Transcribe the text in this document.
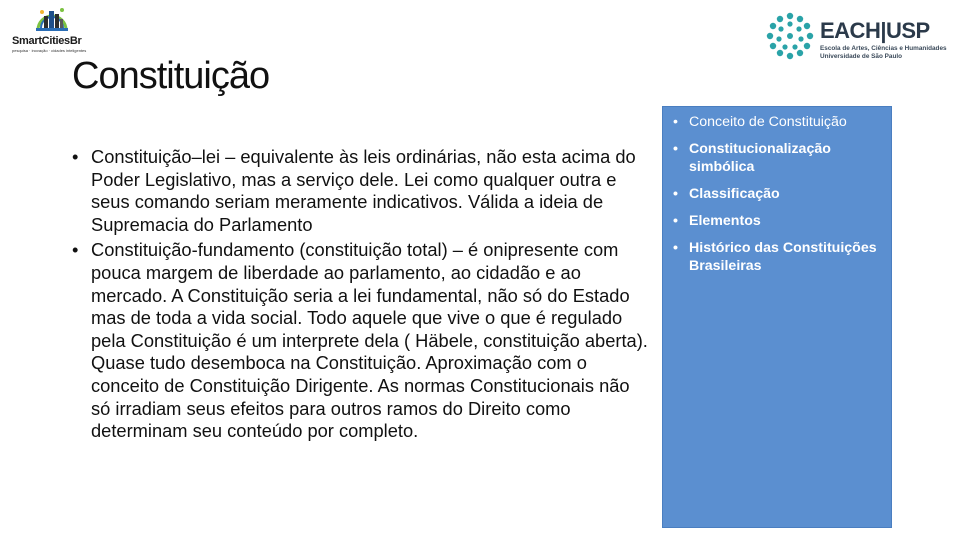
SmartCitiesBr
pesquisa · inovação · cidades inteligentes
EACH|USP
Escola de Artes, Ciências e Humanidades
Universidade de São Paulo
Constituição
• Constituição–lei – equivalente às leis ordinárias, não esta acima do Poder Legislativo, mas a serviço dele. Lei como qualquer outra e seus comando seriam meramente indicativos. Válida a ideia de Supremacia do Parlamento
• Constituição-fundamento (constituição total) – é onipresente com pouca margem de liberdade ao parlamento, ao cidadão e ao mercado. A Constituição seria a lei fundamental, não só do Estado mas de toda a vida social. Todo aquele que vive o que é regulado pela Constituição é um interprete dela ( Häbele, constituição aberta). Quase tudo desemboca na Constituição. Aproximação com o conceito de Constituição Dirigente. As normas Constitucionais não só irradiam seus efeitos para outros ramos do Direito como determinam seu conteúdo por completo.
• Conceito de Constituição
• Constitucionalização simbólica
• Classificação
• Elementos
• Histórico das Constituições Brasileiras
